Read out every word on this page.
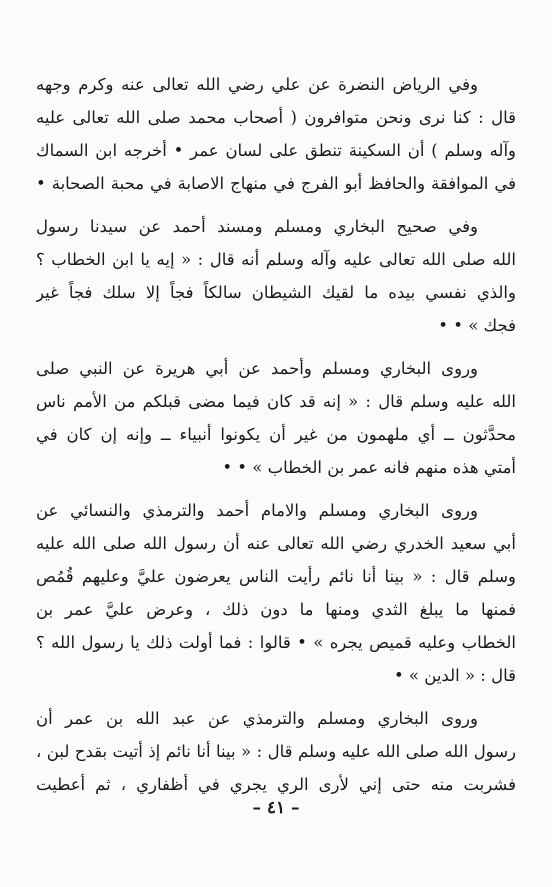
وفي الرياض النضرة عن علي رضي الله تعالى عنه وكرم وجهه
قال : كنا نرى ونحن متوافرون ( أصحاب محمد صلى الله تعالى عليه
وآله وسلم ) أن السكينة تنطق على لسان عمر • أخرجه ابن السماك
في الموافقة والحافظ أبو الفرج في منهاج الاصابة في محبة الصحابة •
وفي صحيح البخاري ومسلم ومسند أحمد عن سيدنا رسول
الله صلى الله تعالى عليه وآله وسلم أنه قال : « إيه يا ابن الخطاب ؟
والذي نفسي بيده ما لقيك الشيطان سالكاً فجاً إلا سلك فجاً غير
فجك » • •
وروى البخاري ومسلم وأحمد عن أبي هريرة عن النبي صلى
الله عليه وسلم قال : « إنه قد كان فيما مضى قبلكم من الأمم ناس
محدَّثون ــ أي ملهمون من غير أن يكونوا أنبياء ــ وإنه إن كان في
أمتي هذه منهم فانه عمر بن الخطاب » • •
وروى البخاري ومسلم والامام أحمد والترمذي والنسائي عن
أبي سعيد الخدري رضي الله تعالى عنه أن رسول الله صلى الله عليه
وسلم قال : « بينا أنا نائم رأيت الناس يعرضون عليَّ وعليهم قُمُص
فمنها ما يبلغ الثدي ومنها ما دون ذلك ، وعرض عليَّ عمر بن
الخطاب وعليه قميص يجره » • قالوا : فما أولت ذلك يا رسول الله ؟
قال : « الدين » •
وروى البخاري ومسلم والترمذي عن عبد الله بن عمر أن
رسول الله صلى الله عليه وسلم قال : « بينا أنا نائم إذ أتيت بقدح لبن ،
فشربت منه حتى إني لأرى الري يجري في أظفاري ، ثم أعطيت
– ٤١ –
